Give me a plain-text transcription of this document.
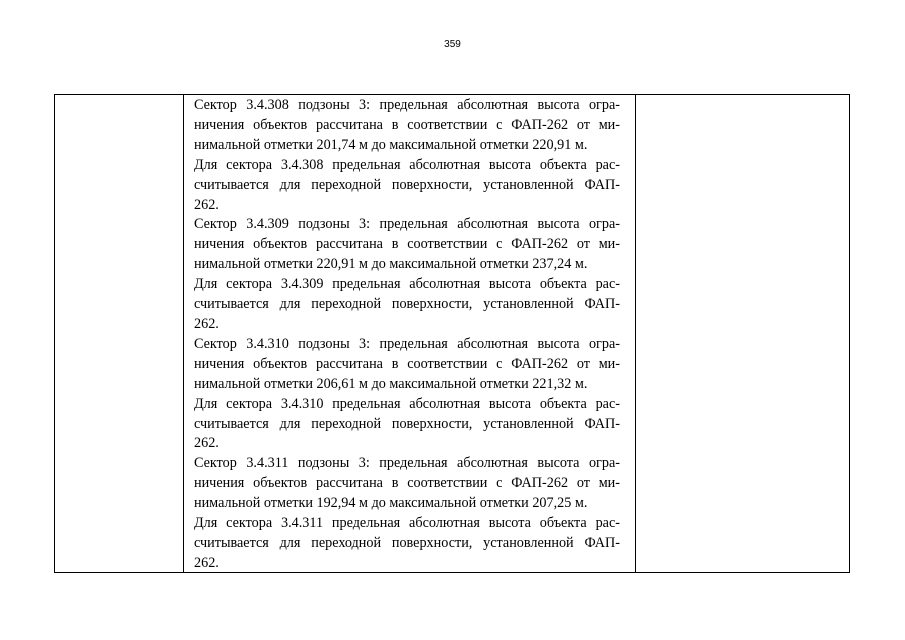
359
Сектор 3.4.308 подзоны 3: предельная абсолютная высота огра-
ничения объектов рассчитана в соответствии с ФАП-262 от ми-
нимальной отметки 201,74 м до максимальной отметки 220,91 м.
Для сектора 3.4.308 предельная абсолютная высота объекта рас-
считывается для переходной поверхности, установленной ФАП-
262.
Сектор 3.4.309 подзоны 3: предельная абсолютная высота огра-
ничения объектов рассчитана в соответствии с ФАП-262 от ми-
нимальной отметки 220,91 м до максимальной отметки 237,24 м.
Для сектора 3.4.309 предельная абсолютная высота объекта рас-
считывается для переходной поверхности, установленной ФАП-
262.
Сектор 3.4.310 подзоны 3: предельная абсолютная высота огра-
ничения объектов рассчитана в соответствии с ФАП-262 от ми-
нимальной отметки 206,61 м до максимальной отметки 221,32 м.
Для сектора 3.4.310 предельная абсолютная высота объекта рас-
считывается для переходной поверхности, установленной ФАП-
262.
Сектор 3.4.311 подзоны 3: предельная абсолютная высота огра-
ничения объектов рассчитана в соответствии с ФАП-262 от ми-
нимальной отметки 192,94 м до максимальной отметки 207,25 м.
Для сектора 3.4.311 предельная абсолютная высота объекта рас-
считывается для переходной поверхности, установленной ФАП-
262.
